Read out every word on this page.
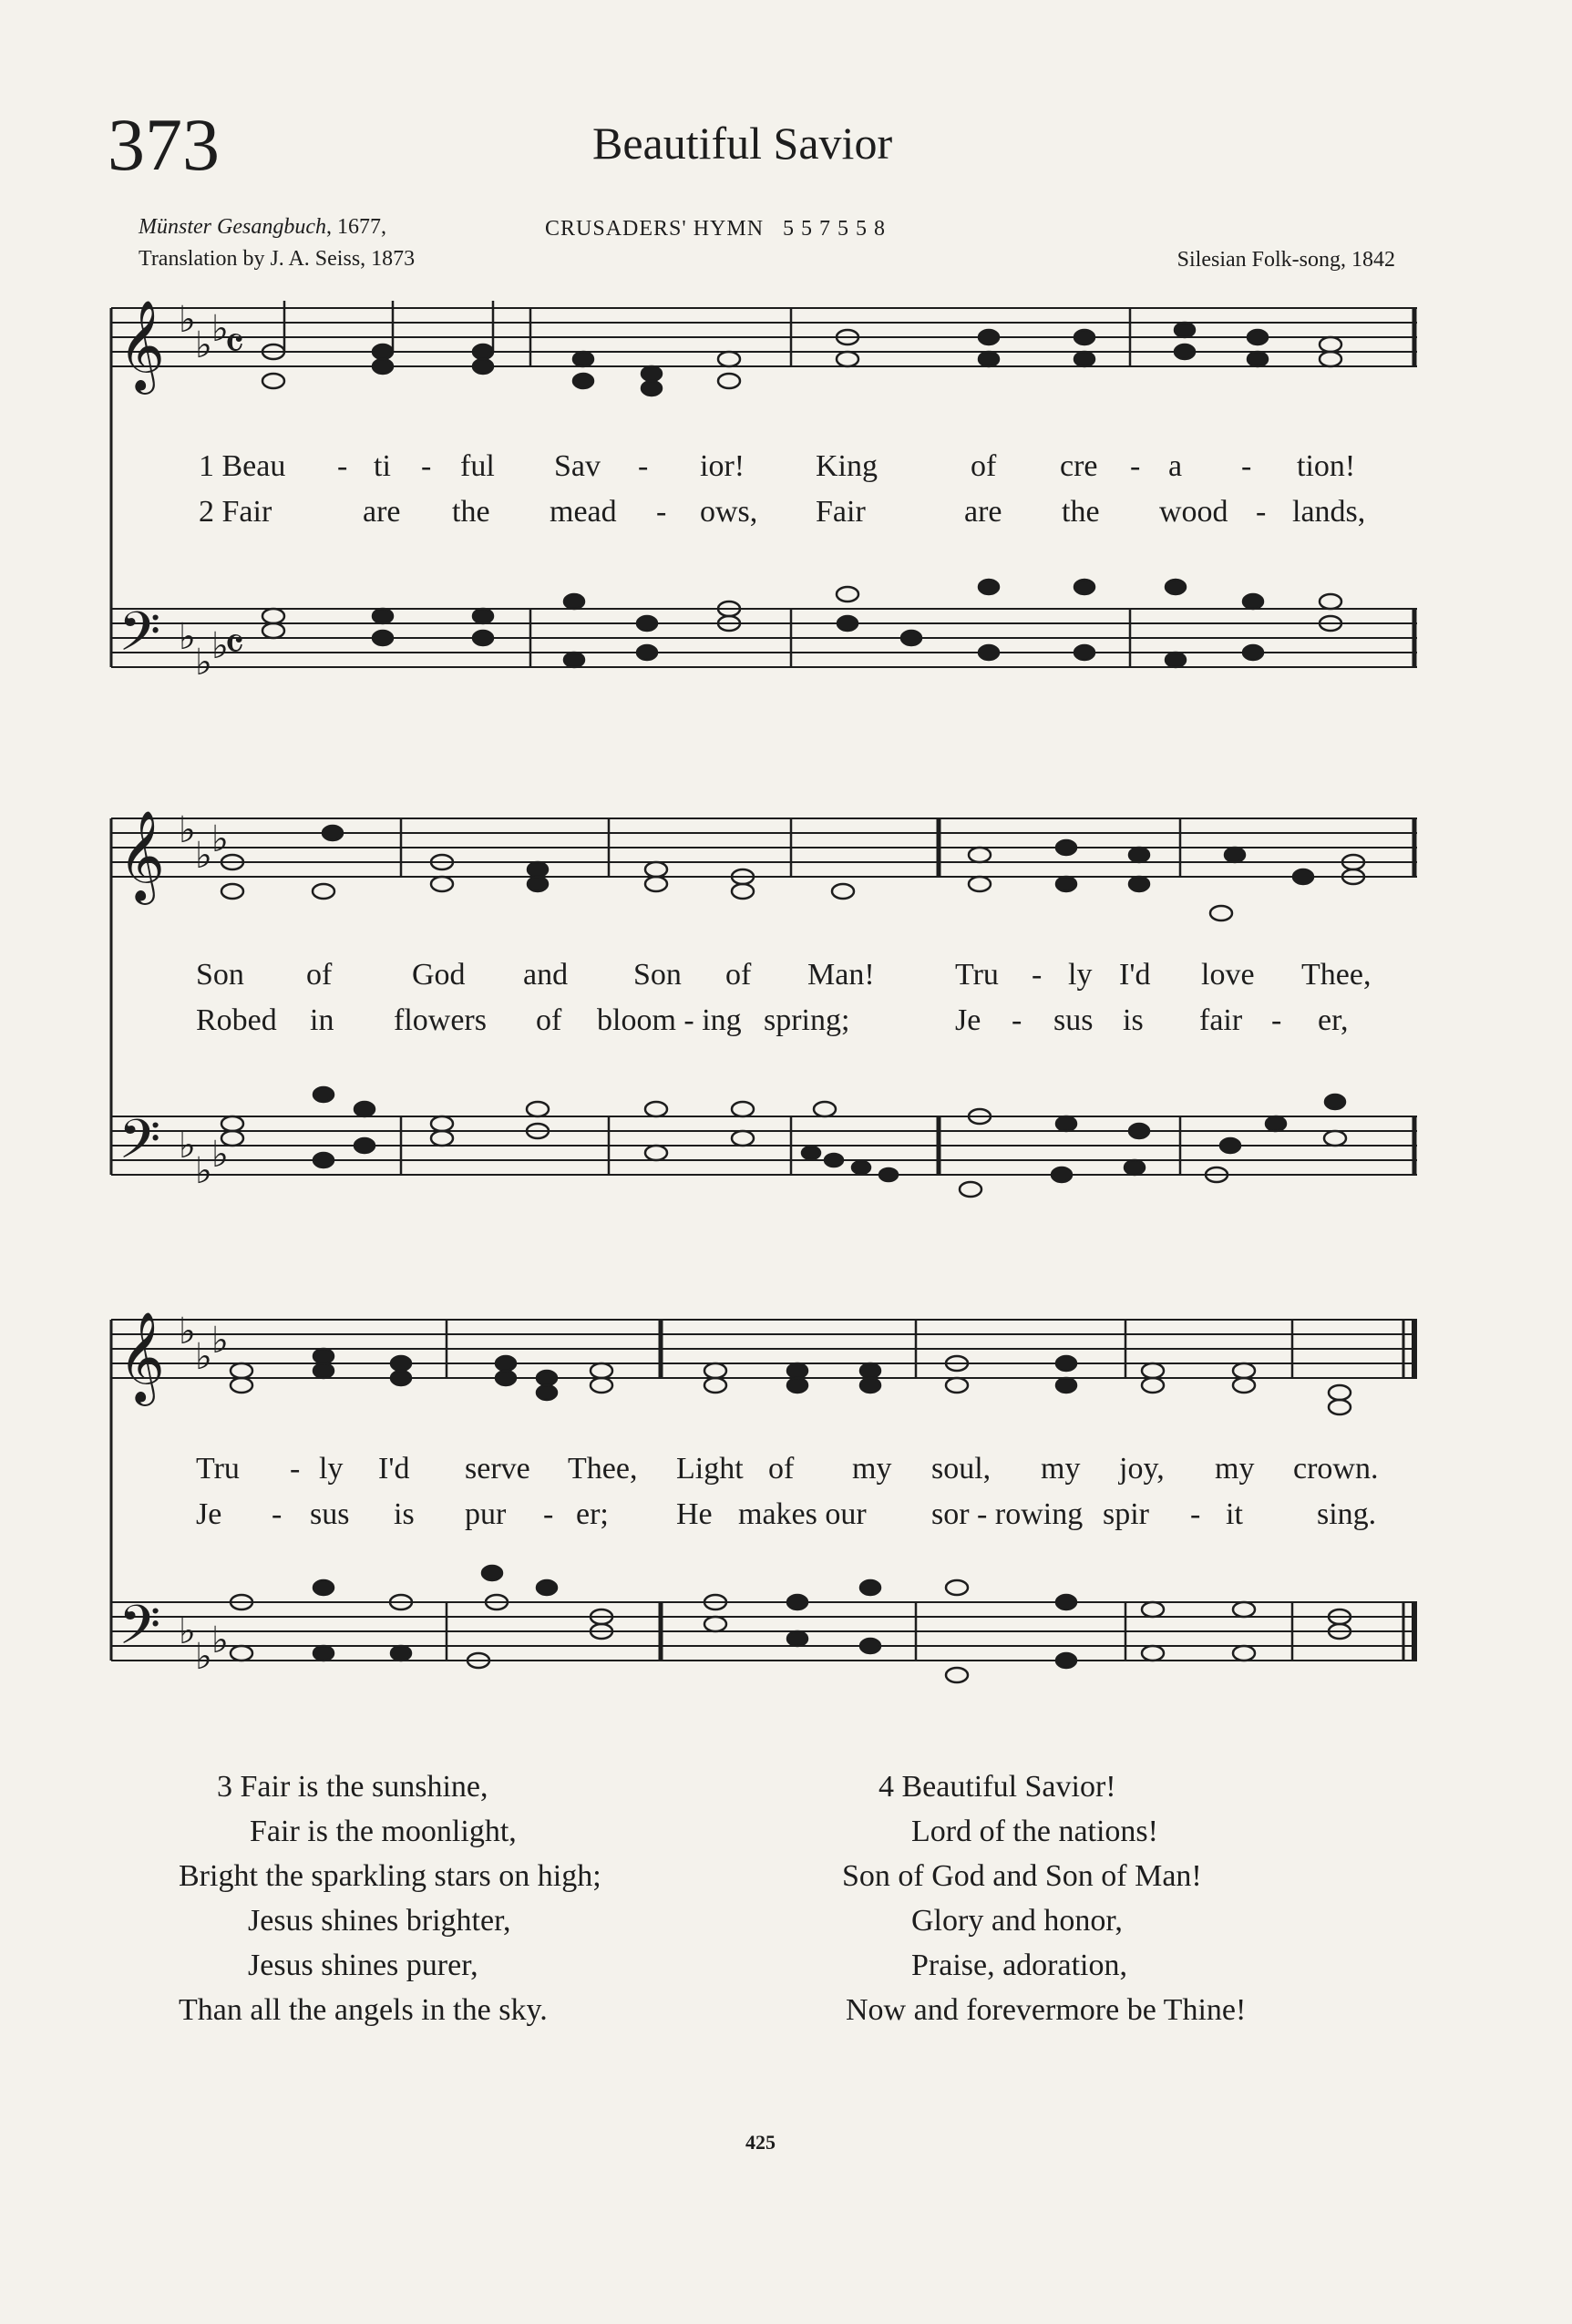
373	Beautiful Savior
Münster Gesangbuch, 1677,
Translation by J. A. Seiss, 1873
CRUSADERS' HYMN 5 5 7 5 5 8
Silesian Folk-song, 1842
𝄞
𝄢
𝄞
𝄢
𝄞
𝄢
♭
♭ ♭
♭
♭ ♭
♭
♭ ♭
♭
♭ ♭
♭
♭ ♭
♭
♭ ♭
𝄴
𝄴
1 Beau - ti - ful Sav - ior! King	of cre - a - tion!
2 Fair	are the mead - ows, Fair	are the wood - lands,
Son of	God and Son of Man!	Tru - ly I'd love Thee,
Robed in flowers of bloom - ing spring;	Je - sus is fair - er,
Tru - ly I'd serve Thee, Light of my soul, my joy, my crown.
Je - sus is pur - er; He makes our sor - rowing spir - it sing.
3 Fair is the sunshine,
Fair is the moonlight,
Bright the sparkling stars on high;
Jesus shines brighter,
Jesus shines purer,
Than all the angels in the sky.
4 Beautiful Savior!
Lord of the nations!
Son of God and Son of Man!
Glory and honor,
Praise, adoration,
Now and forevermore be Thine!
425
